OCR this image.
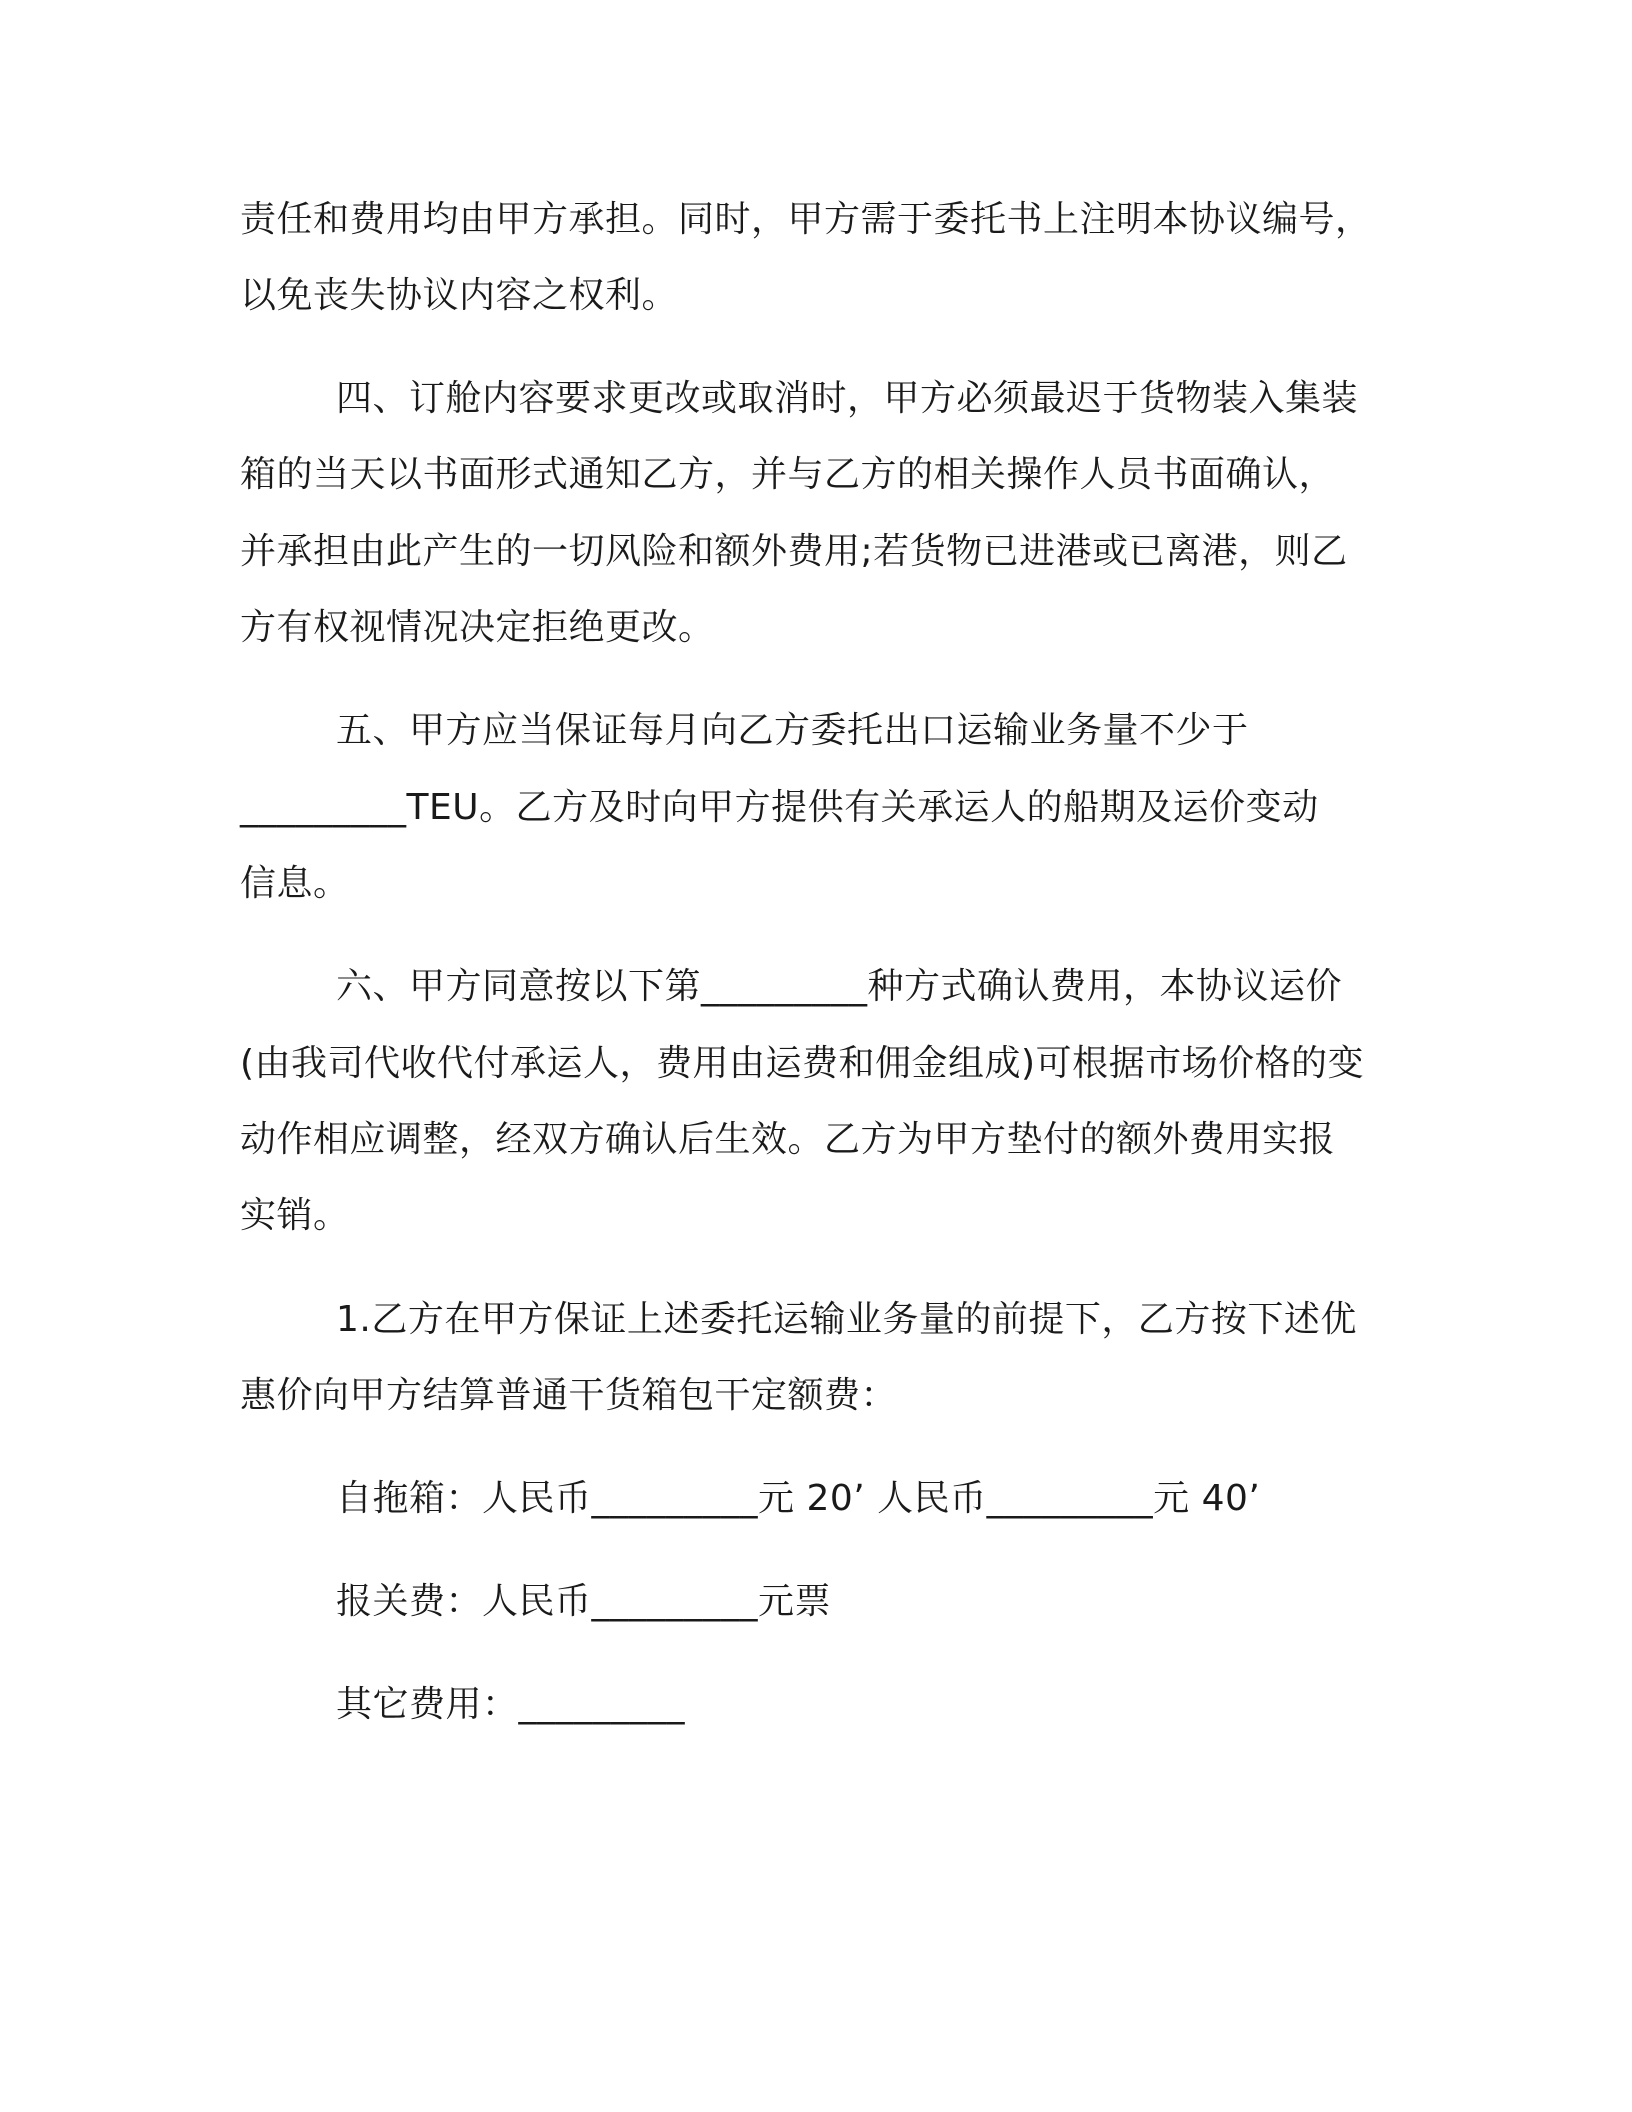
责任和费用均由甲方承担。同时，甲方需于委托书上注明本协议编号，
以免丧失协议内容之权利。
四、订舱内容要求更改或取消时，甲方必须最迟于货物装入集装
箱的当天以书面形式通知乙方，并与乙方的相关操作人员书面确认，
并承担由此产生的一切风险和额外费用;若货物已进港或已离港，则乙
方有权视情况决定拒绝更改。
五、甲方应当保证每月向乙方委托出口运输业务量不少于
_________TEU。乙方及时向甲方提供有关承运人的船期及运价变动
信息。
六、甲方同意按以下第_________种方式确认费用，本协议运价
(由我司代收代付承运人，费用由运费和佣金组成)可根据市场价格的变
动作相应调整，经双方确认后生效。乙方为甲方垫付的额外费用实报
实销。
1.乙方在甲方保证上述委托运输业务量的前提下，乙方按下述优
惠价向甲方结算普通干货箱包干定额费：
自拖箱：人民币_________元 20’ 人民币_________元 40’
报关费：人民币_________元票
其它费用：_________
